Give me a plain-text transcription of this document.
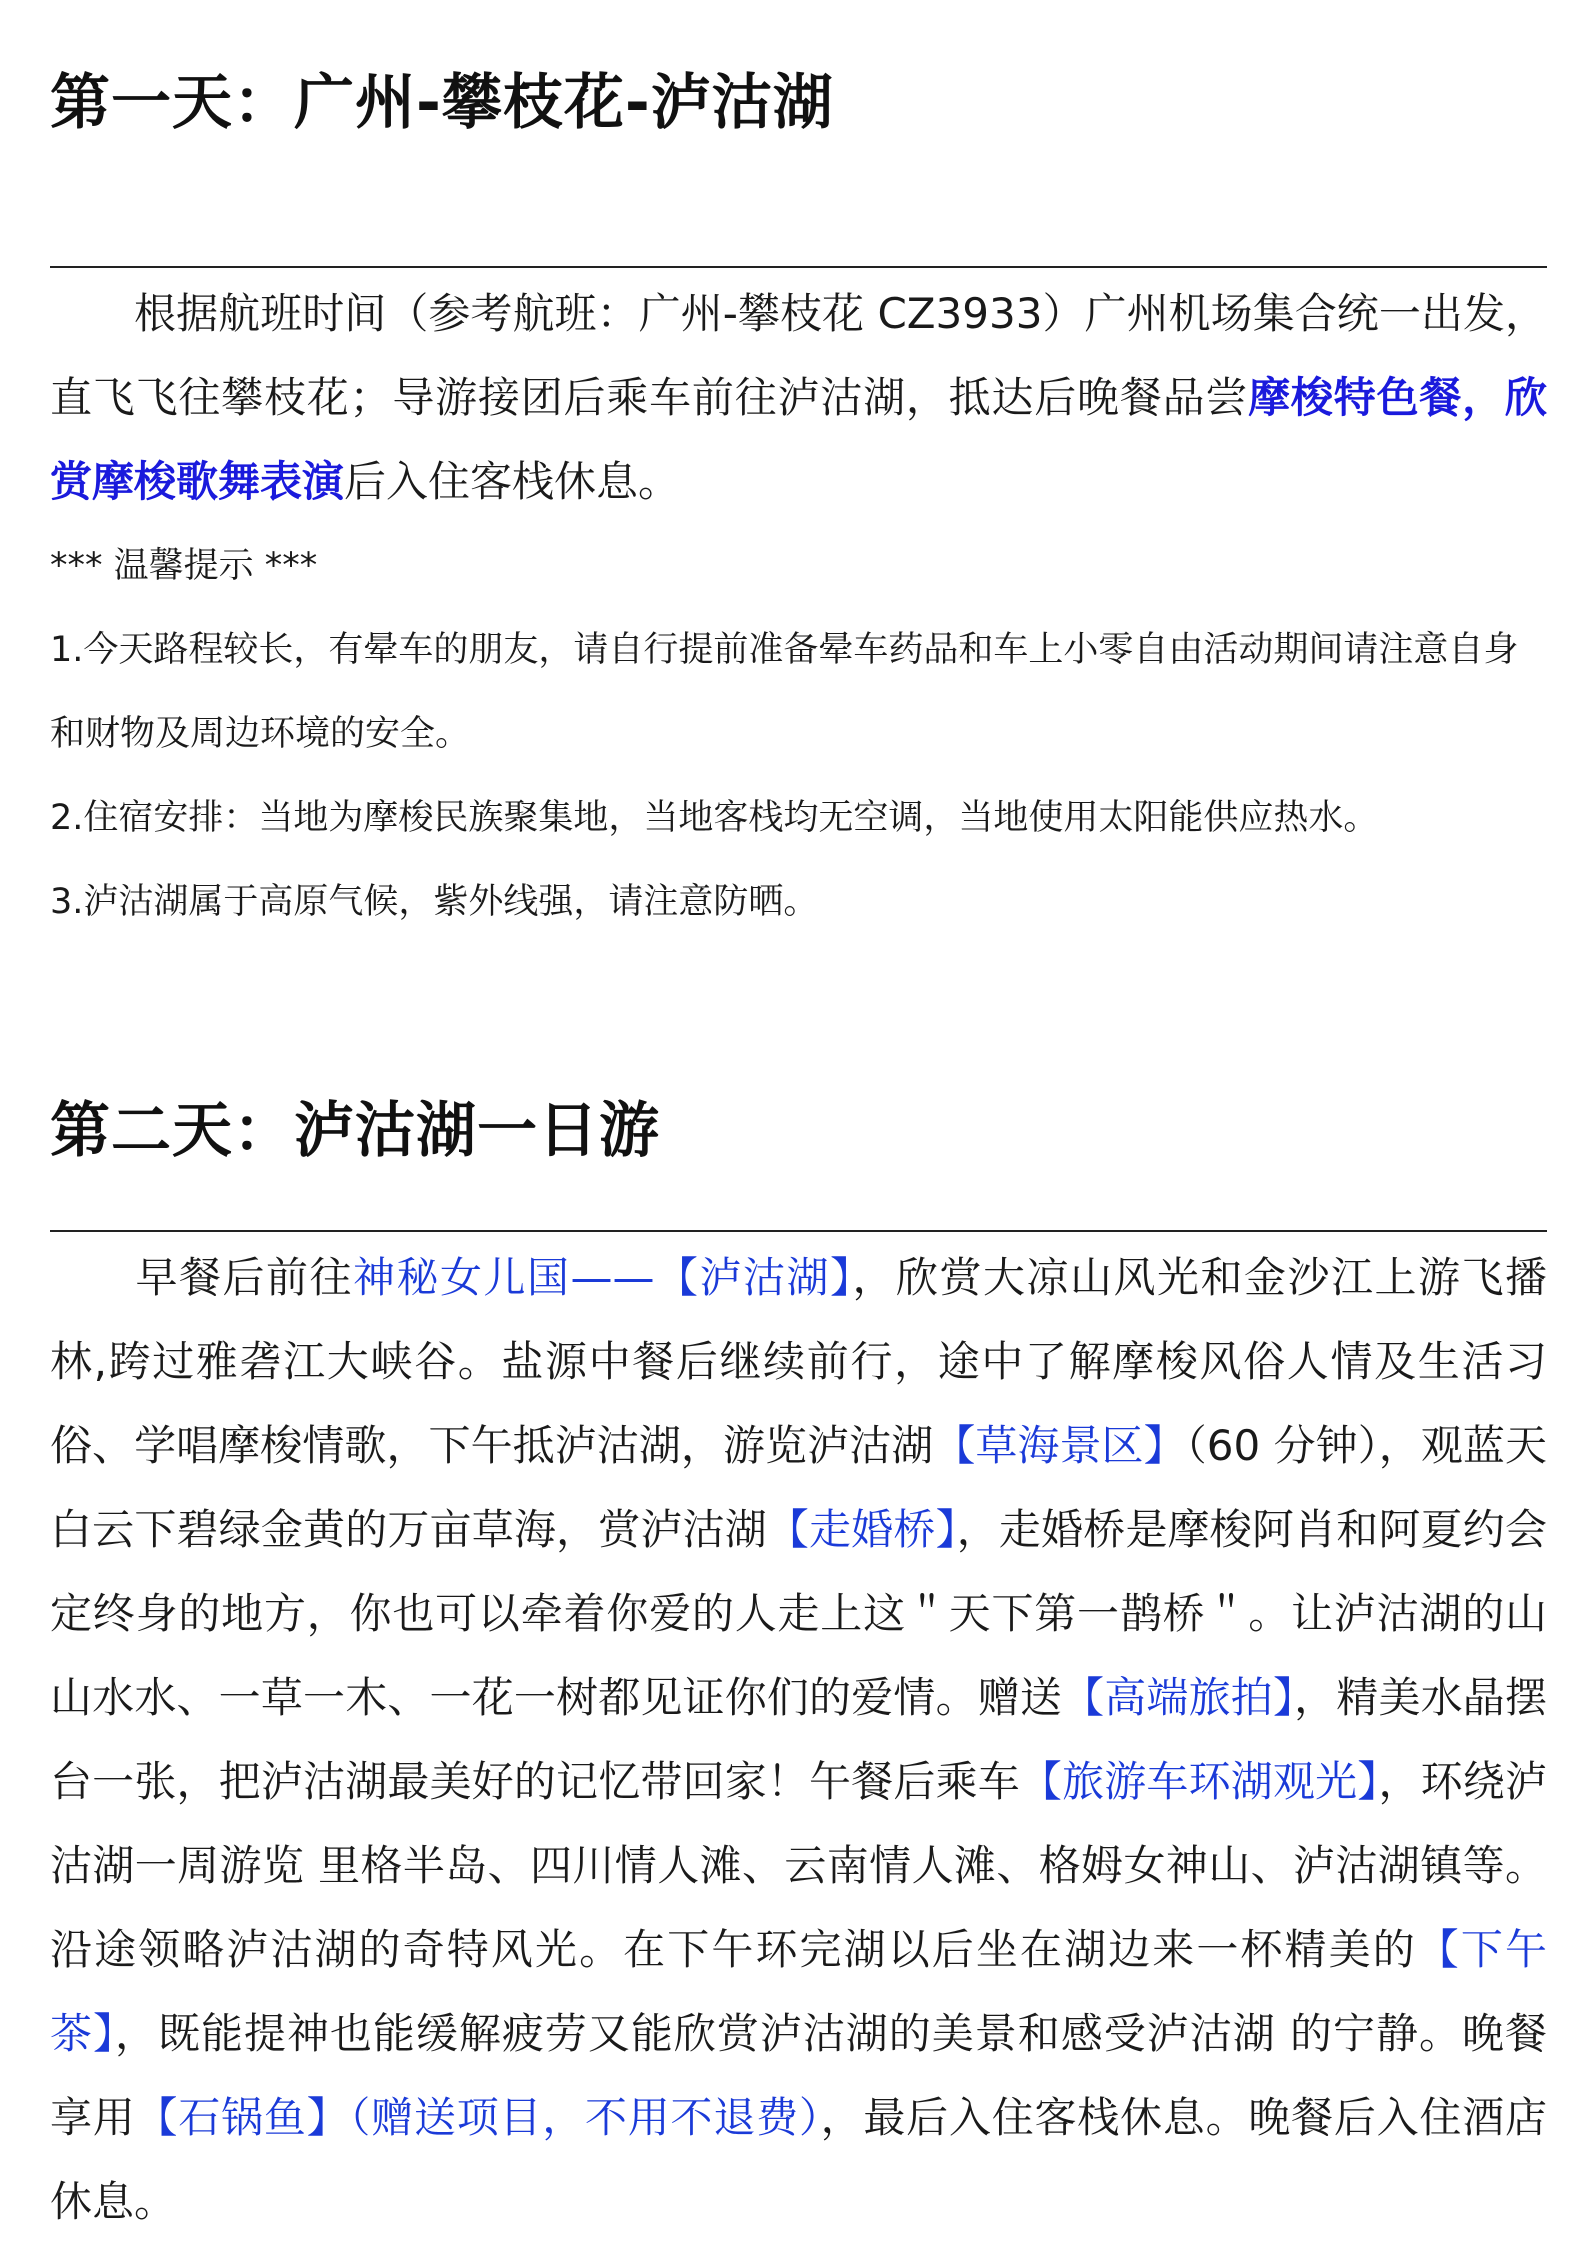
第一天：广州-攀枝花-泸沽湖

根据航班时间（参考航班：广州-攀枝花 CZ3933）广州机场集合统一出发，直飞飞往攀枝花；导游接团后乘车前往泸沽湖，抵达后晚餐品尝摩梭特色餐，欣赏摩梭歌舞表演后入住客栈休息。

*** 温馨提示 ***

1.今天路程较长，有晕车的朋友，请自行提前准备晕车药品和车上小零自由活动期间请注意自身和财物及周边环境的安全。

2.住宿安排：当地为摩梭民族聚集地，当地客栈均无空调，当地使用太阳能供应热水。

3.泸沽湖属于高原气候，紫外线强，请注意防晒。

第二天：泸沽湖一日游

早餐后前往神秘女儿国——【泸沽湖】，欣赏大凉山风光和金沙江上游飞播林,跨过雅砻江大峡谷。盐源中餐后继续前行，途中了解摩梭风俗人情及生活习俗、学唱摩梭情歌，下午抵泸沽湖，游览泸沽湖【草海景区】（60 分钟），观蓝天白云下碧绿金黄的万亩草海，赏泸沽湖【走婚桥】，走婚桥是摩梭阿肖和阿夏约会定终身的地方，你也可以牵着你爱的人走上这＂天下第一鹊桥＂。让泸沽湖的山山水水、一草一木、一花一树都见证你们的爱情。赠送【高端旅拍】，精美水晶摆台一张，把泸沽湖最美好的记忆带回家！午餐后乘车【旅游车环湖观光】，环绕泸沽湖一周游览 里格半岛、四川情人滩、云南情人滩、格姆女神山、泸沽湖镇等。沿途领略泸沽湖的奇特风光。在下午环完湖以后坐在湖边来一杯精美的【下午茶】，既能提神也能缓解疲劳又能欣赏泸沽湖的美景和感受泸沽湖 的宁静。晚餐享用【石锅鱼】（赠送项目，不用不退费），最后入住客栈休息。晚餐后入住酒店休息。
